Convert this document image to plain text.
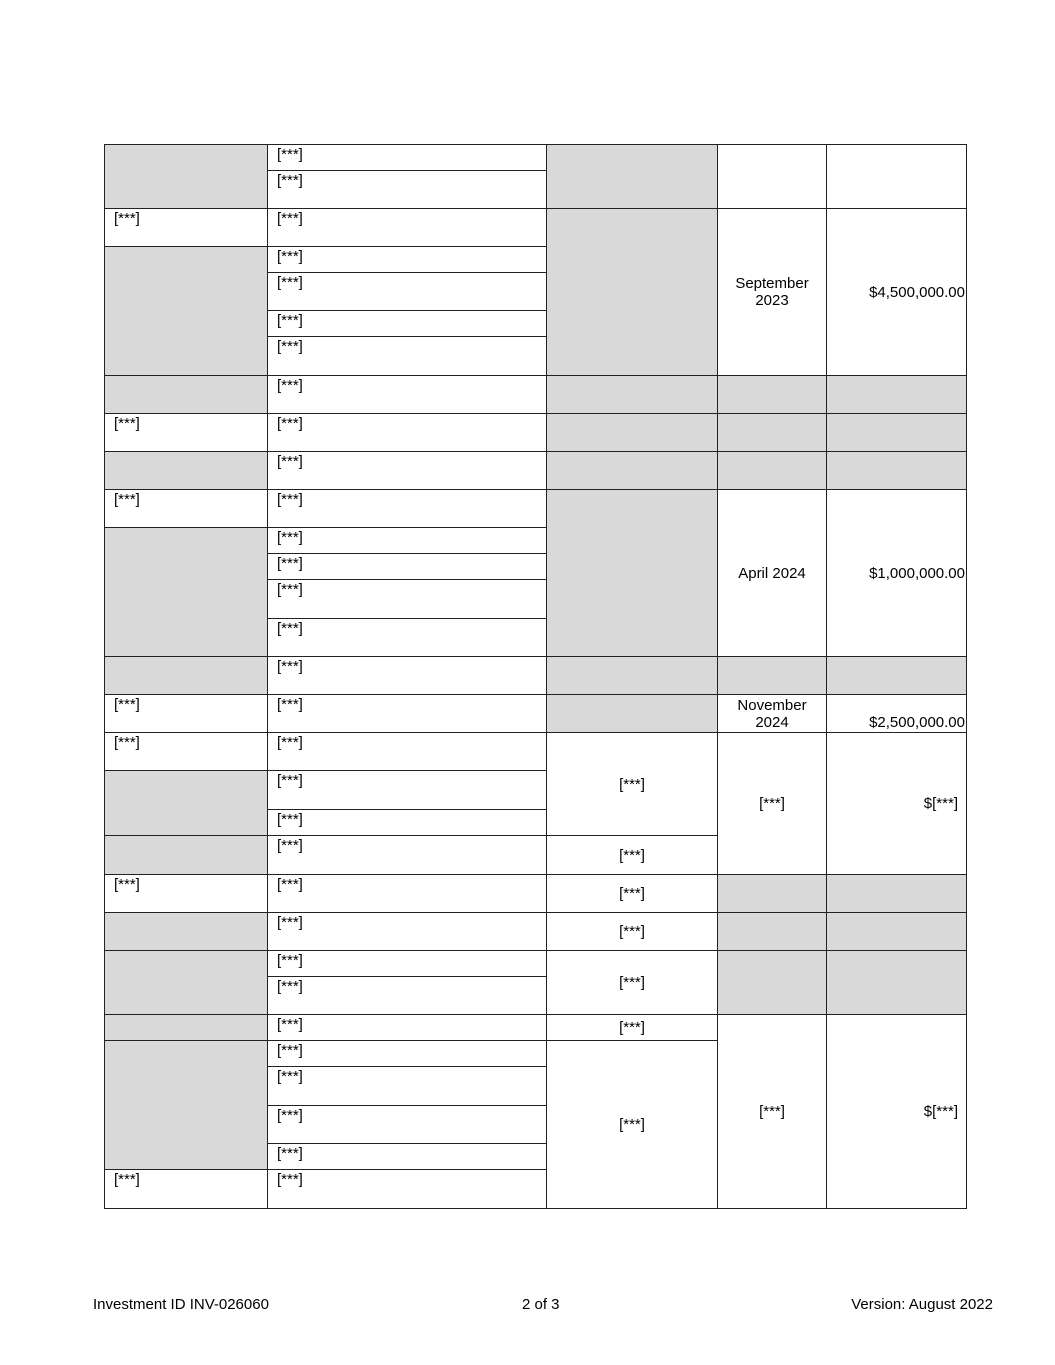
[***]
[***]
[***]
[***]
[***]
[***]
[***]
[***]
[***]
[***]
[***]
[***]
[***]
[***]
[***]
[***]
[***]
[***]
[***]
[***]
[***]
[***]
[***]
[***]
[***]
[***]
[***]
[***]
[***]
[***]
[***]
[***]
[***]
[***]
[***]
[***]
[***]
[***]
[***]
[***]
[***]
[***]
[***]
[***]
[***]
September 2023
April 2024
November 2024
[***]
[***]
$4,500,000.00
$1,000,000.00
$2,500,000.00
$[***]
$[***]
Investment ID INV-026060	2 of 3	Version: August 2022
